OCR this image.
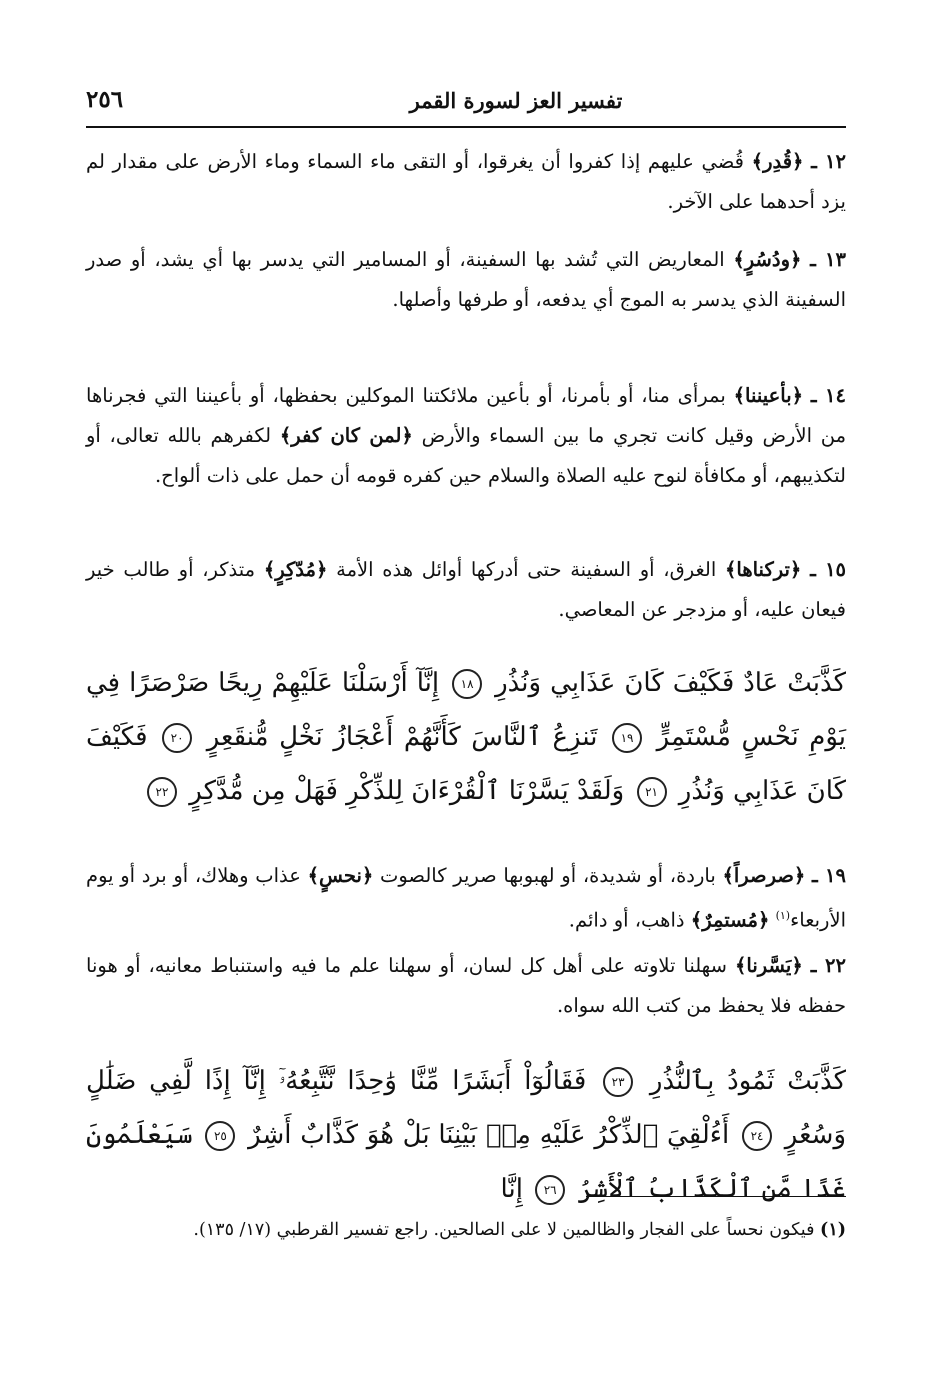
تفسير العز لسورة القمر
٢٥٦
١٢ ـ ﴿قُدِر﴾ قُضي عليهم إذا كفروا أن يغرقوا، أو التقى ماء السماء وماء الأرض على مقدار لم يزد أحدهما على الآخر.
١٣ ـ ﴿ودُسُرٍ﴾ المعاريض التي تُشد بها السفينة، أو المسامير التي يدسر بها أي يشد، أو صدر السفينة الذي يدسر به الموج أي يدفعه، أو طرفها وأصلها.
١٤ ـ ﴿بأعيننا﴾ بمرأى منا، أو بأمرنا، أو بأعين ملائكتنا الموكلين بحفظها، أو بأعيننا التي فجرناها من الأرض وقيل كانت تجري ما بين السماء والأرض ﴿لمن كان كفر﴾ لكفرهم بالله تعالى، أو لتكذيبهم، أو مكافأة لنوح عليه الصلاة والسلام حين كفره قومه أن حمل على ذات ألواح.
١٥ ـ ﴿تركناها﴾ الغرق، أو السفينة حتى أدركها أوائل هذه الأمة ﴿مُدّكِرٍ﴾ متذكر، أو طالب خير فيعان عليه، أو مزدجر عن المعاصي.
كَذَّبَتْ عَادٌ فَكَيْفَ كَانَ عَذَابِي وَنُذُرِ ١٨ إِنَّآ أَرْسَلْنَا عَلَيْهِمْ رِيحًا صَرْصَرًا فِي يَوْمِ نَحْسٍ مُّسْتَمِرٍّ ١٩ تَنزِعُ ٱلنَّاسَ كَأَنَّهُمْ أَعْجَازُ نَخْلٍ مُّنقَعِرٍ ٢٠ فَكَيْفَ كَانَ عَذَابِي وَنُذُرِ ٢١ وَلَقَدْ يَسَّرْنَا ٱلْقُرْءَانَ لِلذِّكْرِ فَهَلْ مِن مُّدَّكِرٍ ٢٢
١٩ ـ ﴿صرصراً﴾ باردة، أو شديدة، أو لهبوبها صرير كالصوت ﴿نحسٍ﴾ عذاب وهلاك، أو برد أو يوم الأربعاء$^{(١)}$ ﴿مُستمِرٌ﴾ ذاهب، أو دائم.
٢٢ ـ ﴿يَسَّرنا﴾ سهلنا تلاوته على أهل كل لسان، أو سهلنا علم ما فيه واستنباط معانيه، أو هونا حفظه فلا يحفظ من كتب الله سواه.
كَذَّبَتْ ثَمُودُ بِٱلنُّذُرِ ٢٣ فَقَالُوٓاْ أَبَشَرًا مِّنَّا وَٰحِدًا نَّتَّبِعُهُۥٓ إِنَّآ إِذًا لَّفِي ضَلَٰلٍ وَسُعُرٍ ٢٤ أَءُلْقِيَ ٱلذِّكْرُ عَلَيْهِ مِنۢ بَيْنِنَا بَلْ هُوَ كَذَّابٌ أَشِرٌ ٢٥ سَيَعْلَمُونَ غَدًا مَّنِ ٱلْكَذَّابُ ٱلْأَشِرُ ٢٦ إِنَّا
(١) فيكون نحساً على الفجار والظالمين لا على الصالحين. راجع تفسير القرطبي (١٧/ ١٣٥).
